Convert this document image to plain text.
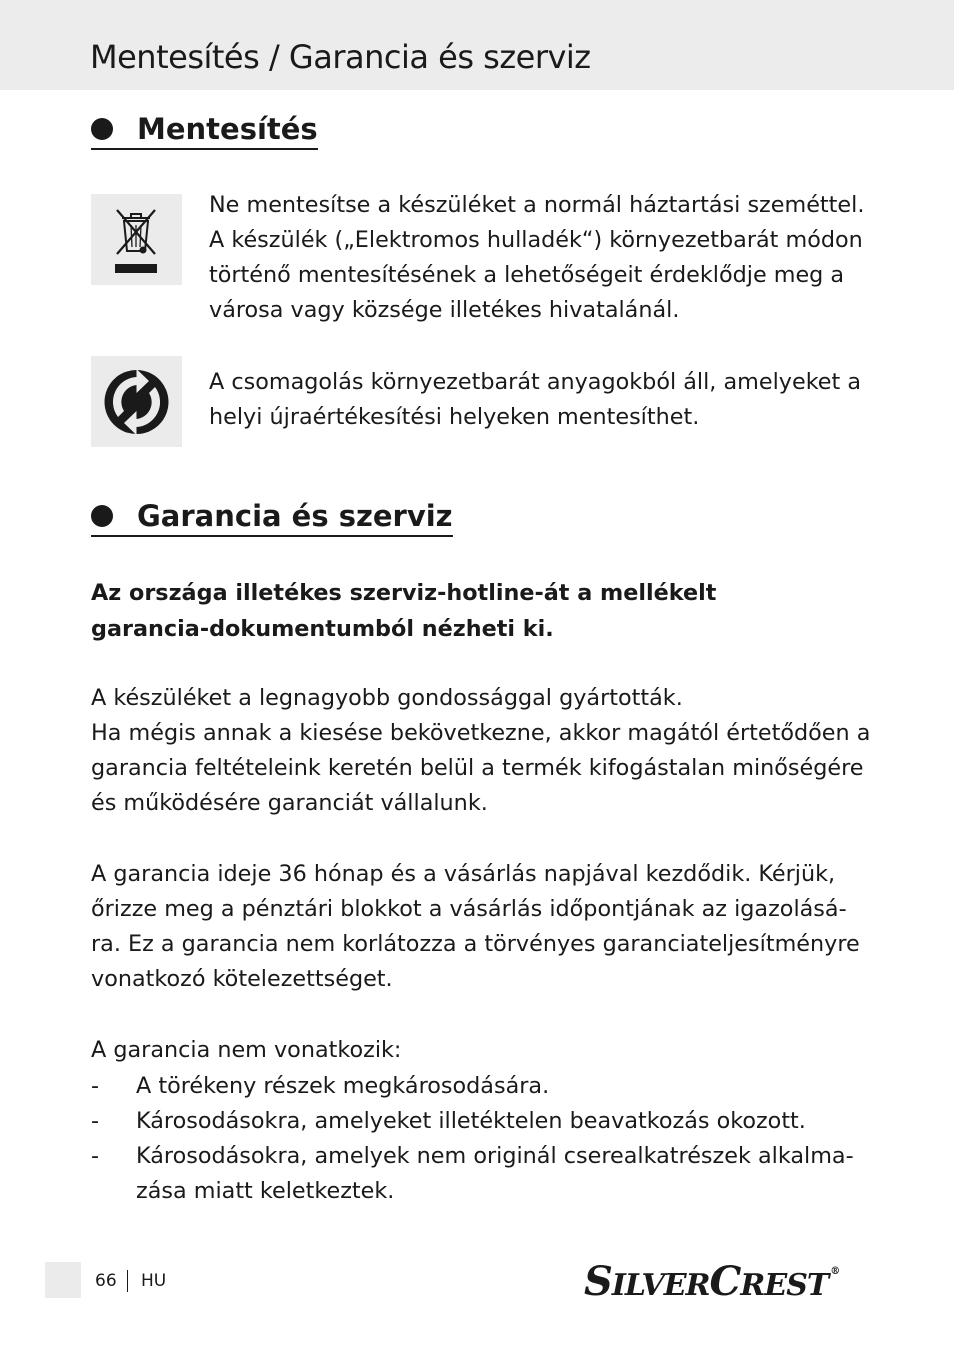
Mentesítés / Garancia és szerviz
Mentesítés

Ne mentesítse a készüléket a normál háztartási szeméttel.
A készülék („Elektromos hulladék“) környezetbarát módon
történő mentesítésének a lehetőségeit érdeklődje meg a
városa vagy községe illetékes hivatalánál.

A csomagolás környezetbarát anyagokból áll, amelyeket a
helyi újraértékesítési helyeken mentesíthet.

Garancia és szerviz

Az országa illetékes szerviz-hotline-át a mellékelt
garancia-dokumentumból nézheti ki.

A készüléket a legnagyobb gondossággal gyártották.
Ha mégis annak a kiesése bekövetkezne, akkor magától értetődően a
garancia feltételeink keretén belül a termék kifogástalan minőségére
és működésére garanciát vállalunk.

A garancia ideje 36 hónap és a vásárlás napjával kezdődik. Kérjük,
őrizze meg a pénztári blokkot a vásárlás időpontjának az igazolásá-
ra. Ez a garancia nem korlátozza a törvényes garanciateljesítményre
vonatkozó kötelezettséget.

A garancia nem vonatkozik:

-	A törékeny részek megkárosodására.
-	Károsodásokra, amelyeket illetéktelen beavatkozás okozott.
-	Károsodásokra, amelyek nem originál cserealkatrészek alkalma-
zása miatt keletkeztek.
66	HU	S ILVER C REST ®
